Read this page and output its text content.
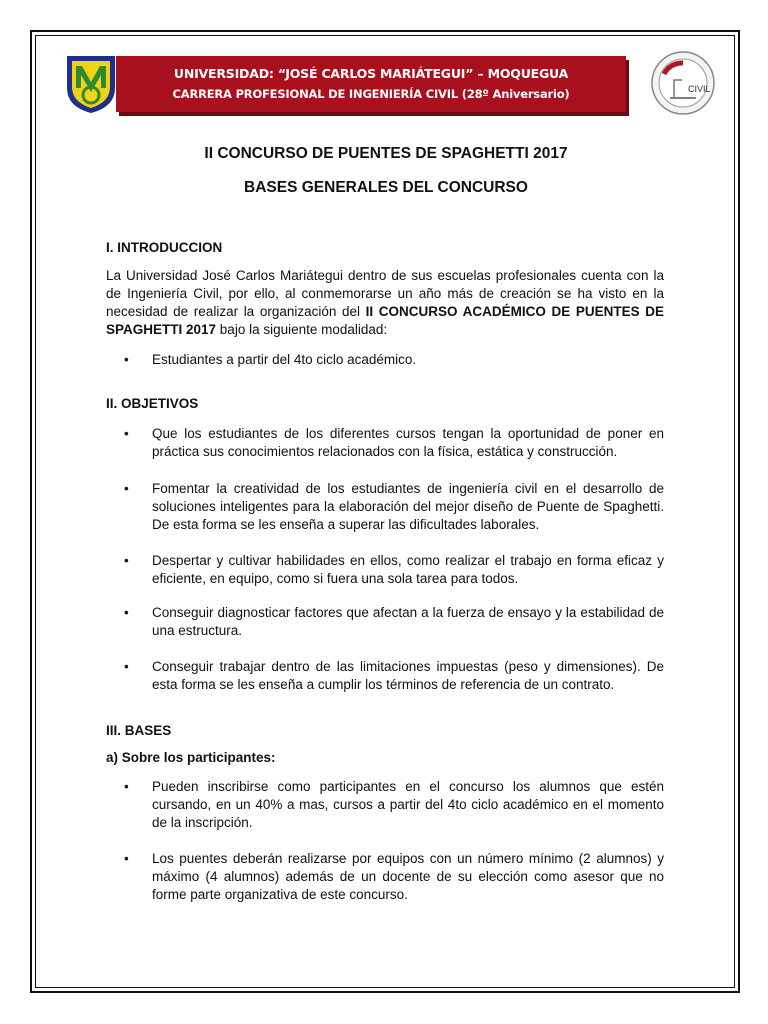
UJCM	UNIVERSIDAD: “JOSÉ CARLOS MARIÁTEGUI” – MOQUEGUA
CARRERA PROFESIONAL DE INGENIERÍA CIVIL (28º Aniversario)	CIVIL
II CONCURSO DE PUENTES DE SPAGHETTI 2017
BASES GENERALES DEL CONCURSO
I. INTRODUCCION
La Universidad José Carlos Mariátegui dentro de sus escuelas profesionales cuenta con la de Ingeniería Civil, por ello, al conmemorarse un año más de creación se ha visto en la necesidad de realizar la organización del II CONCURSO ACADÉMICO DE PUENTES DE SPAGHETTI 2017 bajo la siguiente modalidad:
• Estudiantes a partir del 4to ciclo académico.
II. OBJETIVOS
• Que los estudiantes de los diferentes cursos tengan la oportunidad de poner en práctica sus conocimientos relacionados con la física, estática y construcción.
• Fomentar la creatividad de los estudiantes de ingeniería civil en el desarrollo de soluciones inteligentes para la elaboración del mejor diseño de Puente de Spaghetti. De esta forma se les enseña a superar las dificultades laborales.
• Despertar y cultivar habilidades en ellos, como realizar el trabajo en forma eficaz y eficiente, en equipo, como si fuera una sola tarea para todos.
• Conseguir diagnosticar factores que afectan a la fuerza de ensayo y la estabilidad de una estructura.
• Conseguir trabajar dentro de las limitaciones impuestas (peso y dimensiones). De esta forma se les enseña a cumplir los términos de referencia de un contrato.
III. BASES
a) Sobre los participantes:
• Pueden inscribirse como participantes en el concurso los alumnos que estén cursando, en un 40% a mas, cursos a partir del 4to ciclo académico en el momento de la inscripción.
• Los puentes deberán realizarse por equipos con un número mínimo (2 alumnos) y máximo (4 alumnos) además de un docente de su elección como asesor que no forme parte organizativa de este concurso.
